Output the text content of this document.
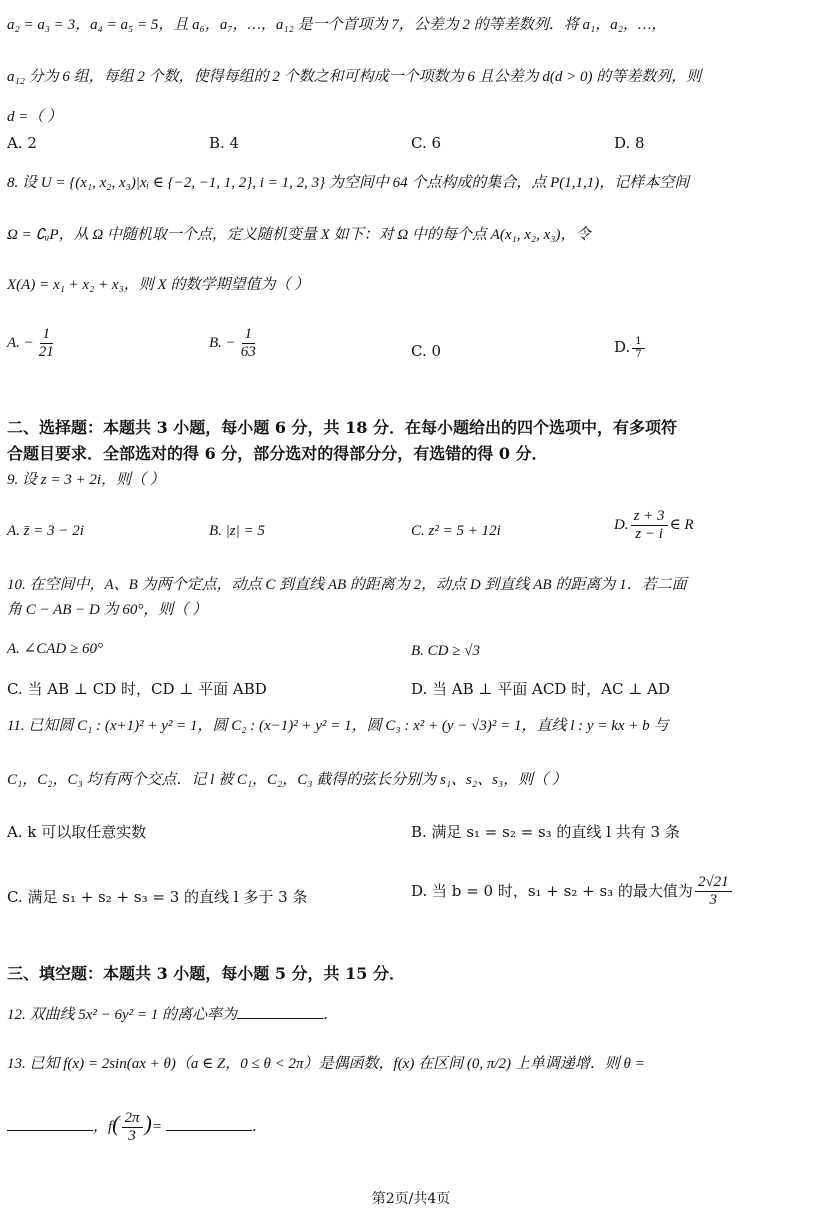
a₂ = a₃ = 3，a₄ = a₅ = 5，且 a₆，a₇，…，a₁₂ 是一个首项为 7，公差为 2 的等差数列．将 a₁，a₂，…，
a₁₂ 分为 6 组，每组 2 个数，使得每组的 2 个数之和可构成一个项数为 6 且公差为 d(d > 0) 的等差数列，则
d =（ ）
A. 2	B. 4	C. 6	D. 8
8. 设 U = {(x₁, x₂, x₃)|xᵢ ∈ {−2, −1, 1, 2}, i = 1, 2, 3} 为空间中 64 个点构成的集合，点 P(1,1,1)，记样本空间
Ω = ∁ᵤP，从 Ω 中随机取一个点，定义随机变量 X 如下：对 Ω 中的每个点 A(x₁, x₂, x₃)，令
X(A) = x₁ + x₂ + x₃，则 X 的数学期望值为（ ）
A. − $\frac{1}{21}$	B. − $\frac{1}{63}$	C. 0	D. $\frac{1}{7}$
二、选择题：本题共 3 小题，每小题 6 分，共 18 分．在每小题给出的四个选项中，有多项符
合题目要求．全部选对的得 6 分，部分选对的得部分分，有选错的得 0 分．
9. 设 z = 3 + 2i，则（ ）
A. z̄ = 3 − 2i	B. |z| = 5	C. z² = 5 + 12i	D. $\frac{z + 3}{z - i}$ ∈ R
10. 在空间中，A、B 为两个定点，动点 C 到直线 AB 的距离为 2，动点 D 到直线 AB 的距离为 1．若二面
角 C − AB − D 为 60°，则（ ）
A. ∠CAD ≥ 60°	B. CD ≥ √3
C. 当 AB ⊥ CD 时，CD ⊥ 平面 ABD	D. 当 AB ⊥ 平面 ACD 时，AC ⊥ AD
11. 已知圆 C₁ : (x+1)² + y² = 1，圆 C₂ : (x−1)² + y² = 1，圆 C₃ : x² + (y − √3)² = 1，直线 l : y = kx + b 与
C₁，C₂，C₃ 均有两个交点．记 l 被 C₁，C₂，C₃ 截得的弦长分别为 s₁、s₂、s₃，则（ ）
A. k 可以取任意实数	B. 满足 s₁ = s₂ = s₃ 的直线 l 共有 3 条
C. 满足 s₁ + s₂ + s₃ = 3 的直线 l 多于 3 条	D. 当 b = 0 时，s₁ + s₂ + s₃ 的最大值为 $\frac{2√21}{3}$
三、填空题：本题共 3 小题，每小题 5 分，共 15 分．
12. 双曲线 5x² − 6y² = 1 的离心率为	．
13. 已知 f(x) = 2sin(ax + θ)（a ∈ Z，0 ≤ θ < 2π）是偶函数，f(x) 在区间 (0, π/2) 上单调递增．则 θ =
，$f( \frac{2\pi}{3}$ )=	．
第2页/共4页
